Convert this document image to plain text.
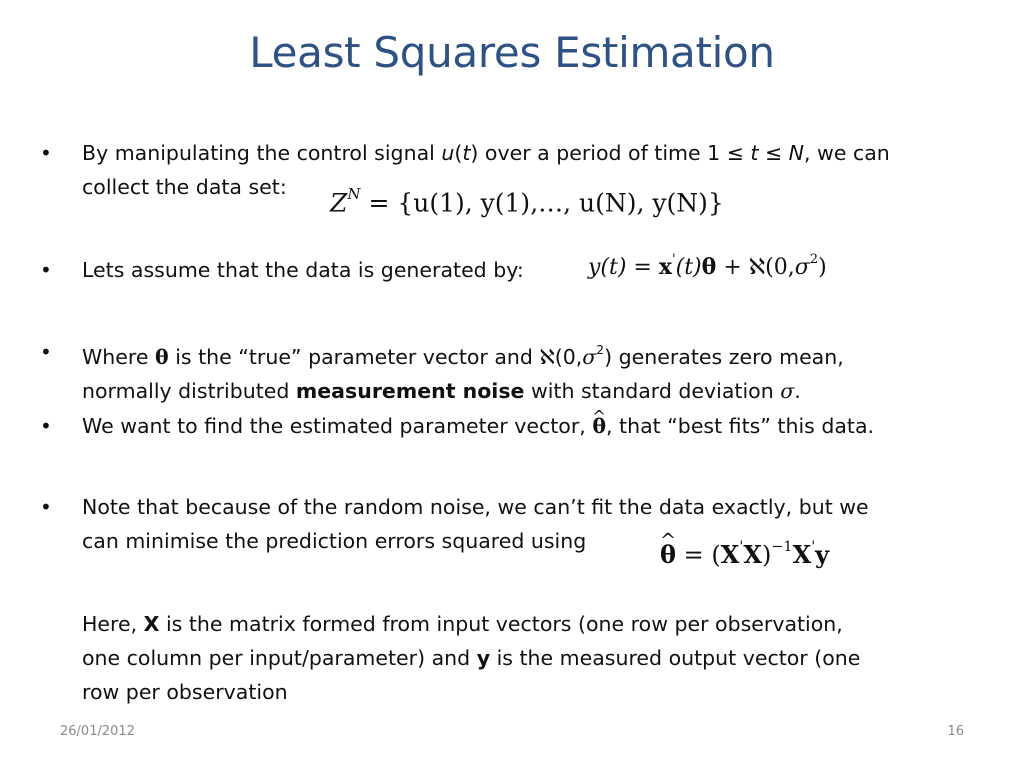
Least Squares Estimation
• By manipulating the control signal u(t) over a period of time 1 ≤ t ≤ N, we can
collect the data set:
$Z^N = \{u(1)$, y(1),…, u(N), y(N)}
• Lets assume that the data is generated by:	$y(t) = x'(t)\theta + ℵ(0,\sigma^2)$
• Where θ is the “true” parameter vector and $ℵ(0,\sigma^2)$ generates zero mean,
normally distributed measurement noise with standard deviation σ.
• We want to find the estimated parameter vector, ^ θ, that “best fits” this data.
• Note that because of the random noise, we can’t fit the data exactly, but we
can minimise the prediction errors squared using
^	$\theta = (X'X)^{-1}X'y$
Here, X is the matrix formed from input vectors (one row per observation,
one column per input/parameter) and y is the measured output vector (one
row per observation
26/01/2012	16
